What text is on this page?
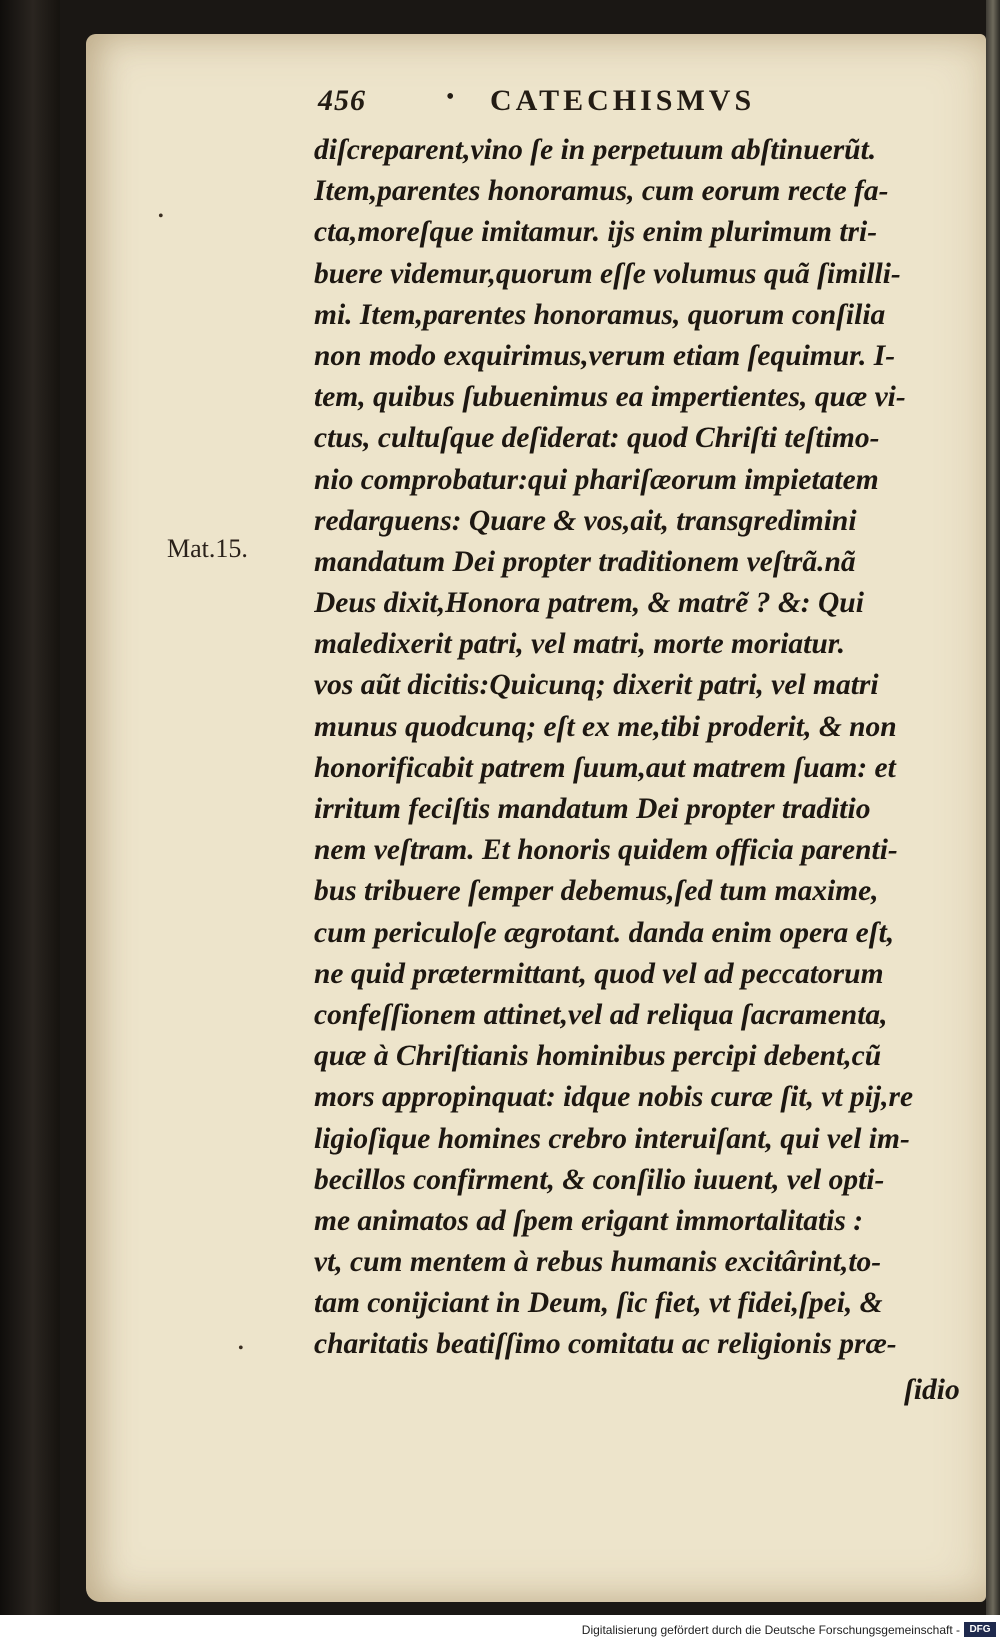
456	• CATECHISMVS
Mat.15.
•
•
diſcreparent,vino ſe in perpetuum abſtinuerũt.
Item,parentes honoramus, cum eorum recte fa-
cta,moreſque imitamur. ijs enim plurimum tri-
buere videmur,quorum eſſe volumus quã ſimilli-
mi. Item,parentes honoramus, quorum conſilia
non modo exquirimus,verum etiam ſequimur. I-
tem, quibus ſubuenimus ea impertientes, quæ vi-
ctus, cultuſque deſiderat: quod Chriſti teſtimo-
nio comprobatur:qui phariſæorum impietatem
redarguens: Quare & vos,ait, transgredimini
mandatum Dei propter traditionem veſtrã.nã
Deus dixit,Honora patrem, & matrẽ ? &: Qui
maledixerit patri, vel matri, morte moriatur.
vos aũt dicitis:Quicunq; dixerit patri, vel matri
munus quodcunq; eſt ex me,tibi proderit, & non
honorificabit patrem ſuum,aut matrem ſuam: et
irritum feciſtis mandatum Dei propter traditio
nem veſtram. Et honoris quidem officia parenti-
bus tribuere ſemper debemus,ſed tum maxime,
cum periculoſe ægrotant. danda enim opera eſt,
ne quid prætermittant, quod vel ad peccatorum
confeſſionem attinet,vel ad reliqua ſacramenta,
quæ à Chriſtianis hominibus percipi debent,cũ
mors appropinquat: idque nobis curæ ſit, vt pij,re
ligioſique homines crebro interuiſant, qui vel im-
becillos confirment, & conſilio iuuent, vel opti-
me animatos ad ſpem erigant immortalitatis :
vt, cum mentem à rebus humanis excitârint,to-
tam conijciant in Deum, ſic fiet, vt fidei,ſpei, &
charitatis beatiſſimo comitatu ac religionis præ-
ſidio
Digitalisierung gefördert durch die Deutsche Forschungsgemeinschaft - DFG
